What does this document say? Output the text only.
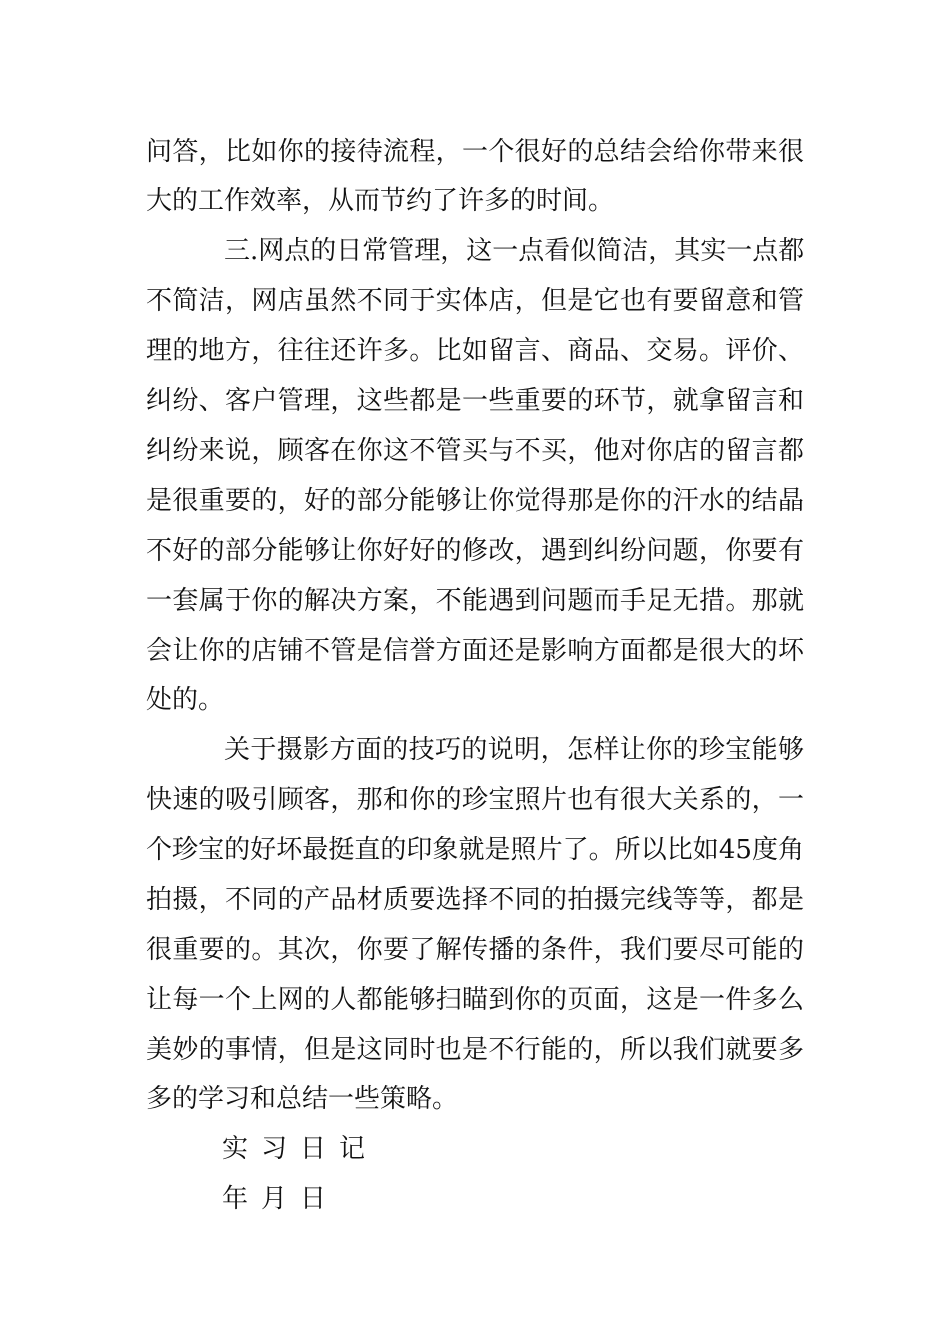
问答，比如你的接待流程，一个很好的总结会给你带来很
大的工作效率，从而节约了许多的时间。
三.网点的日常管理，这一点看似简洁，其实一点都
不简洁，网店虽然不同于实体店，但是它也有要留意和管
理的地方，往往还许多。比如留言、商品、交易。评价、
纠纷、客户管理，这些都是一些重要的环节，就拿留言和
纠纷来说，顾客在你这不管买与不买，他对你店的留言都
是很重要的，好的部分能够让你觉得那是你的汗水的结晶
不好的部分能够让你好好的修改，遇到纠纷问题，你要有
一套属于你的解决方案，不能遇到问题而手足无措。那就
会让你的店铺不管是信誉方面还是影响方面都是很大的坏
处的。
关于摄影方面的技巧的说明，怎样让你的珍宝能够
快速的吸引顾客，那和你的珍宝照片也有很大关系的，一
个珍宝的好坏最挺直的印象就是照片了。所以比如45度角
拍摄，不同的产品材质要选择不同的拍摄完线等等，都是
很重要的。其次，你要了解传播的条件，我们要尽可能的
让每一个上网的人都能够扫瞄到你的页面，这是一件多么
美妙的事情，但是这同时也是不行能的，所以我们就要多
多的学习和总结一些策略。
实习日记
年月日
